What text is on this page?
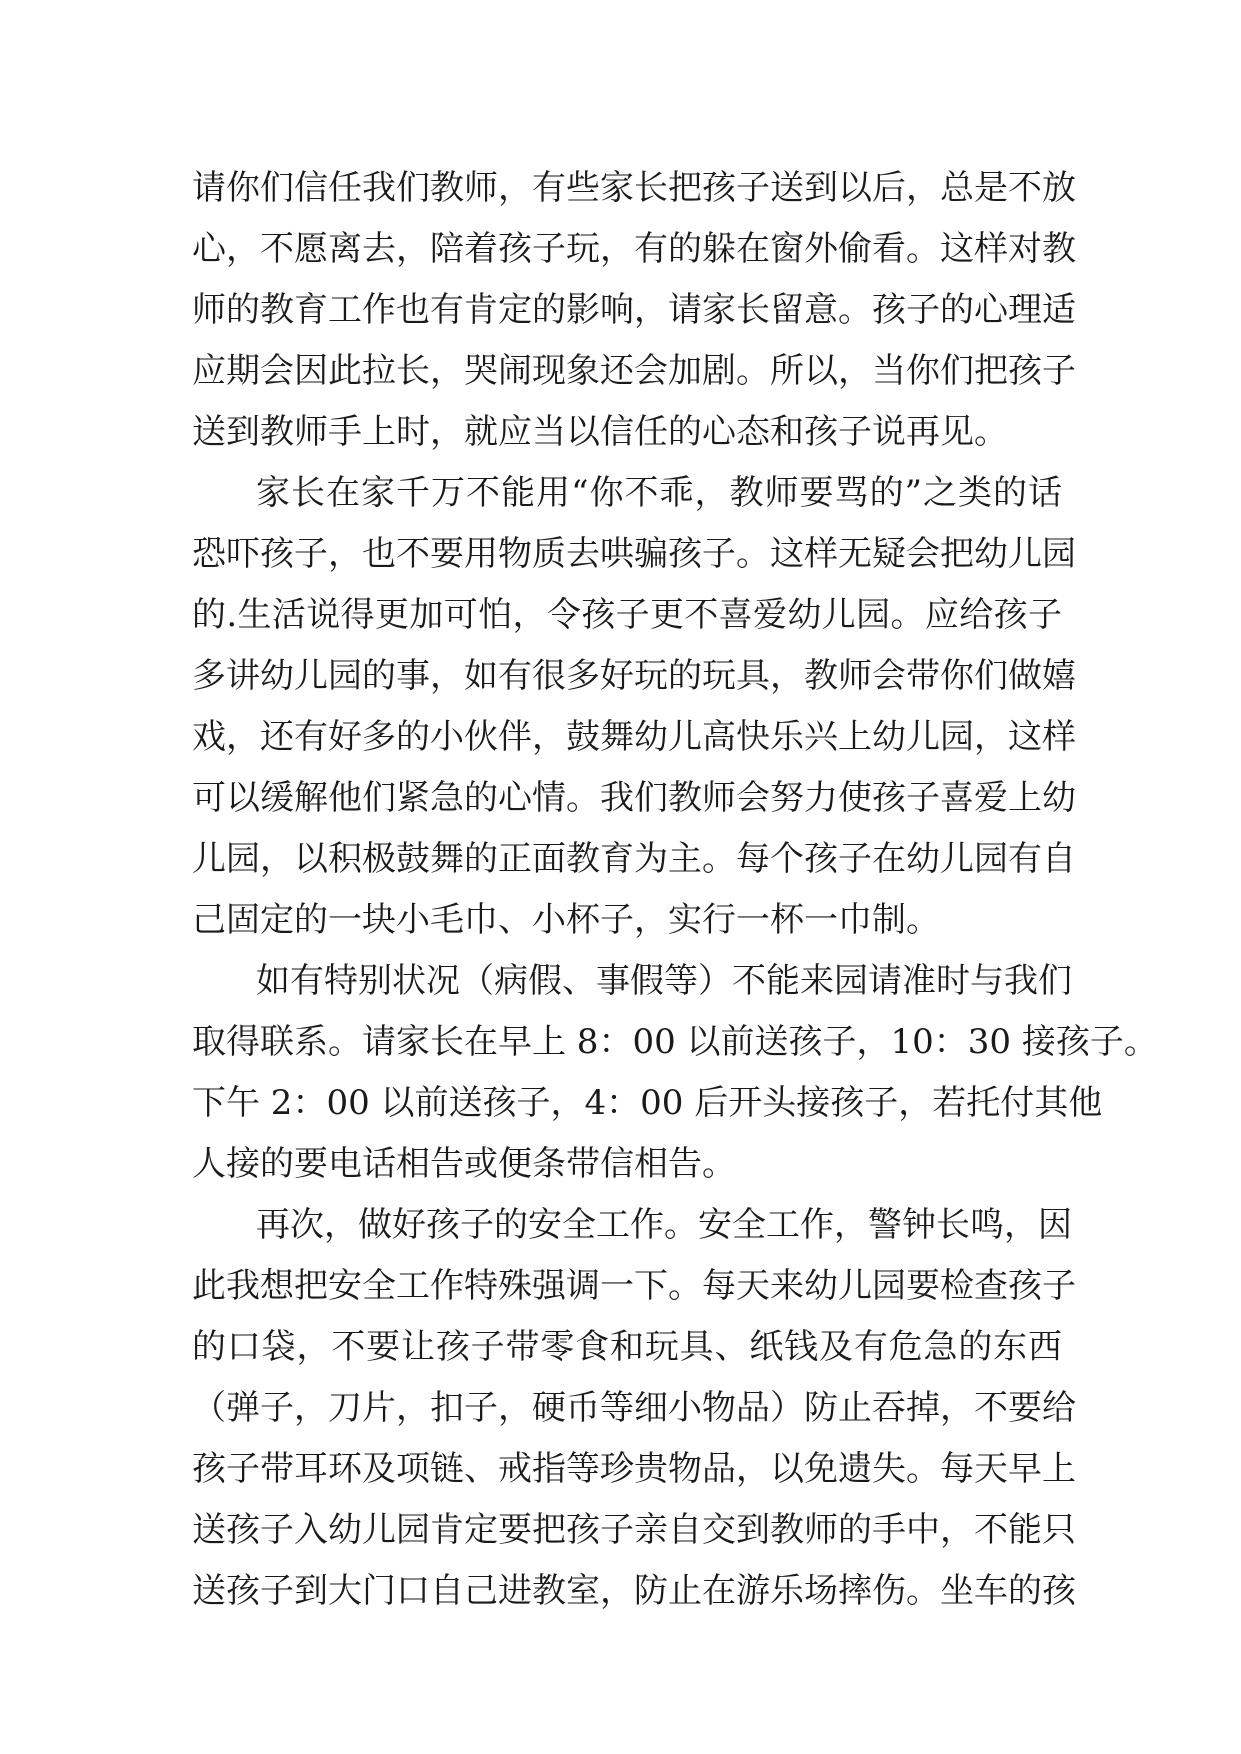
请你们信任我们教师，有些家长把孩子送到以后，总是不放
心，不愿离去，陪着孩子玩，有的躲在窗外偷看。这样对教
师的教育工作也有肯定的影响，请家长留意。孩子的心理适
应期会因此拉长，哭闹现象还会加剧。所以，当你们把孩子
送到教师手上时，就应当以信任的心态和孩子说再见。
家长在家千万不能用“你不乖，教师要骂的”之类的话
恐吓孩子，也不要用物质去哄骗孩子。这样无疑会把幼儿园
的.生活说得更加可怕，令孩子更不喜爱幼儿园。应给孩子
多讲幼儿园的事，如有很多好玩的玩具，教师会带你们做嬉
戏，还有好多的小伙伴，鼓舞幼儿高快乐兴上幼儿园，这样
可以缓解他们紧急的心情。我们教师会努力使孩子喜爱上幼
儿园，以积极鼓舞的正面教育为主。每个孩子在幼儿园有自
己固定的一块小毛巾、小杯子，实行一杯一巾制。
如有特别状况（病假、事假等）不能来园请准时与我们
取得联系。请家长在早上 8：00 以前送孩子，10：30 接孩子。
下午 2：00 以前送孩子，4：00 后开头接孩子，若托付其他
人接的要电话相告或便条带信相告。
再次，做好孩子的安全工作。安全工作，警钟长鸣，因
此我想把安全工作特殊强调一下。每天来幼儿园要检查孩子
的口袋，不要让孩子带零食和玩具、纸钱及有危急的东西
（弹子，刀片，扣子，硬币等细小物品）防止吞掉，不要给
孩子带耳环及项链、戒指等珍贵物品，以免遗失。每天早上
送孩子入幼儿园肯定要把孩子亲自交到教师的手中，不能只
送孩子到大门口自己进教室，防止在游乐场摔伤。坐车的孩
